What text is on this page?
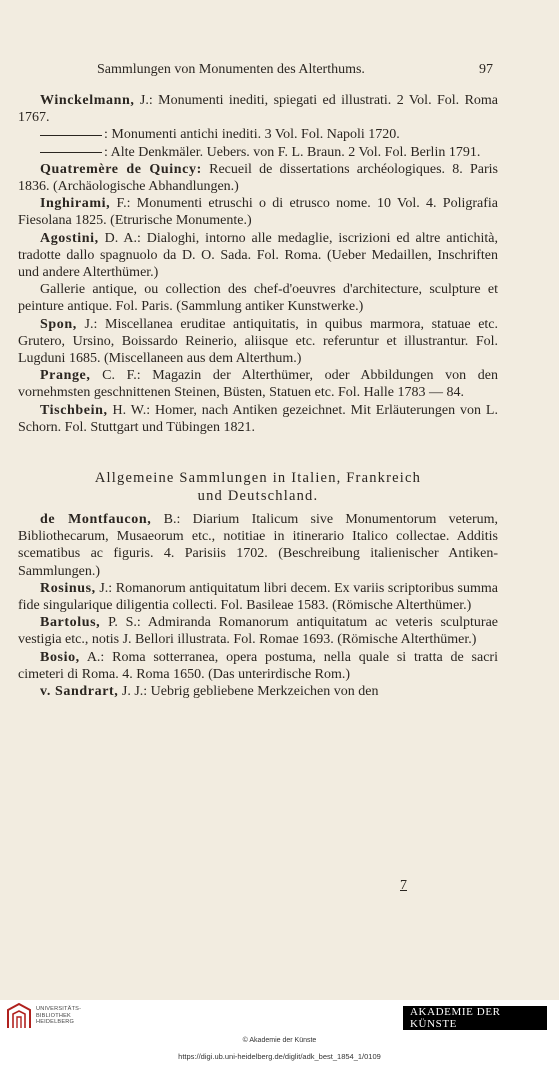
Sammlungen von Monumenten des Alterthums.	97

Winckelmann, J.: Monumenti inediti, spiegati ed illustrati. 2 Vol. Fol. Roma 1767.

: Monumenti antichi inediti. 3 Vol. Fol. Napoli 1720.

: Alte Denkmäler. Uebers. von F. L. Braun. 2 Vol. Fol. Berlin 1791.

Quatremère de Quincy: Recueil de dissertations archéologiques. 8. Paris 1836. (Archäologische Abhandlungen.)

Inghirami, F.: Monumenti etruschi o di etrusco nome. 10 Vol. 4. Poligrafia Fiesolana 1825. (Etrurische Monumente.)

Agostini, D. A.: Dialoghi, intorno alle medaglie, iscrizioni ed altre antichità, tradotte dallo spagnuolo da D. O. Sada. Fol. Roma. (Ueber Medaillen, Inschriften und andere Alterthümer.)

Gallerie antique, ou collection des chef-d'oeuvres d'architecture, sculpture et peinture antique. Fol. Paris. (Sammlung antiker Kunstwerke.)

Spon, J.: Miscellanea eruditae antiquitatis, in quibus marmora, statuae etc. Grutero, Ursino, Boissardo Reinerio, aliisque etc. referuntur et illustrantur. Fol. Lugduni 1685. (Miscellaneen aus dem Alterthum.)

Prange, C. F.: Magazin der Alterthümer, oder Abbildungen von den vornehmsten geschnittenen Steinen, Büsten, Statuen etc. Fol. Halle 1783 — 84.

Tischbein, H. W.: Homer, nach Antiken gezeichnet. Mit Erläuterungen von L. Schorn. Fol. Stuttgart und Tübingen 1821.

Allgemeine Sammlungen in Italien, Frankreich
und Deutschland.

de Montfaucon, B.: Diarium Italicum sive Monumentorum veterum, Bibliothecarum, Musaeorum etc., notitiae in itinerario Italico collectae. Additis scematibus ac figuris. 4. Parisiis 1702. (Beschreibung italienischer Antiken-Sammlungen.)

Rosinus, J.: Romanorum antiquitatum libri decem. Ex variis scriptoribus summa fide singularique diligentia collecti. Fol. Basileae 1583. (Römische Alterthümer.)

Bartolus, P. S.: Admiranda Romanorum antiquitatum ac veteris sculpturae vestigia etc., notis J. Bellori illustrata. Fol. Romae 1693. (Römische Alterthümer.)

Bosio, A.: Roma sotterranea, opera postuma, nella quale si tratta de sacri cimeteri di Roma. 4. Roma 1650. (Das unterirdische Rom.)

v. Sandrart, J. J.: Uebrig gebliebene Merkzeichen von den

7
UNIVERSITÄTS-
BIBLIOTHEK
HEIDELBERG
AKADEMIE DER KÜNSTE
© Akademie der Künste
https://digi.ub.uni-heidelberg.de/diglit/adk_best_1854_1/0109
